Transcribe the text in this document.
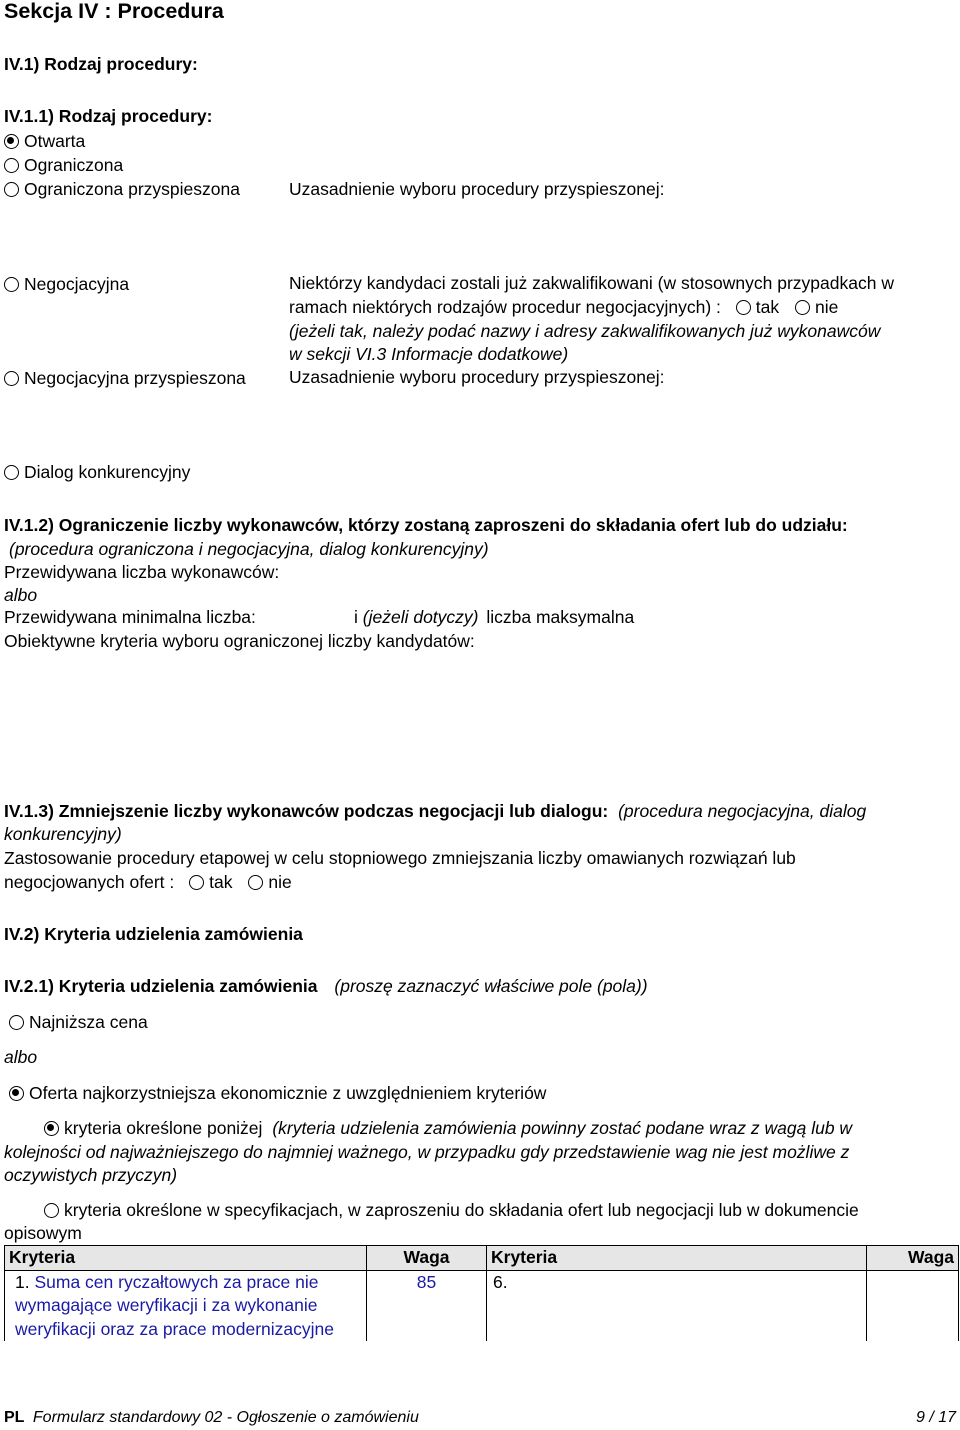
Sekcja IV : Procedura
IV.1) Rodzaj procedury:
IV.1.1) Rodzaj procedury:
Otwarta
Ograniczona
Ograniczona przyspieszona	Uzasadnienie wyboru procedury przyspieszonej:
Negocjacyjna	Niektórzy kandydaci zostali już zakwalifikowani (w stosownych przypadkach w
ramach niektórych rodzajów procedur negocjacyjnych) : tak nie
(jeżeli tak, należy podać nazwy i adresy zakwalifikowanych już wykonawców
w sekcji VI.3 Informacje dodatkowe)
Negocjacyjna przyspieszona Uzasadnienie wyboru procedury przyspieszonej:
Dialog konkurencyjny
IV.1.2) Ograniczenie liczby wykonawców, którzy zostaną zaproszeni do składania ofert lub do udziału:
(procedura ograniczona i negocjacyjna, dialog konkurencyjny)
Przewidywana liczba wykonawców:
albo
Przewidywana minimalna liczba:	i (jeżeli dotyczy) liczba maksymalna
Obiektywne kryteria wyboru ograniczonej liczby kandydatów:
IV.1.3) Zmniejszenie liczby wykonawców podczas negocjacji lub dialogu: (procedura negocjacyjna, dialog
konkurencyjny)
Zastosowanie procedury etapowej w celu stopniowego zmniejszania liczby omawianych rozwiązań lub
negocjowanych ofert : tak nie
IV.2) Kryteria udzielenia zamówienia
IV.2.1) Kryteria udzielenia zamówienia (proszę zaznaczyć właściwe pole (pola))
Najniższa cena
albo
Oferta najkorzystniejsza ekonomicznie z uwzględnieniem kryteriów
kryteria określone poniżej (kryteria udzielenia zamówienia powinny zostać podane wraz z wagą lub w
kolejności od najważniejszego do najmniej ważnego, w przypadku gdy przedstawienie wag nie jest możliwe z
oczywistych przyczyn)
kryteria określone w specyfikacjach, w zaproszeniu do składania ofert lub negocjacji lub w dokumencie
opisowym
Kryteria	Waga	Kryteria	Waga
1. Suma cen ryczałtowych za prace nie wymagające weryfikacji i za wykonanie weryfikacji oraz za prace modernizacyjne	85	6.	
PL Formularz standardowy 02 - Ogłoszenie o zamówieniu	9 / 17
